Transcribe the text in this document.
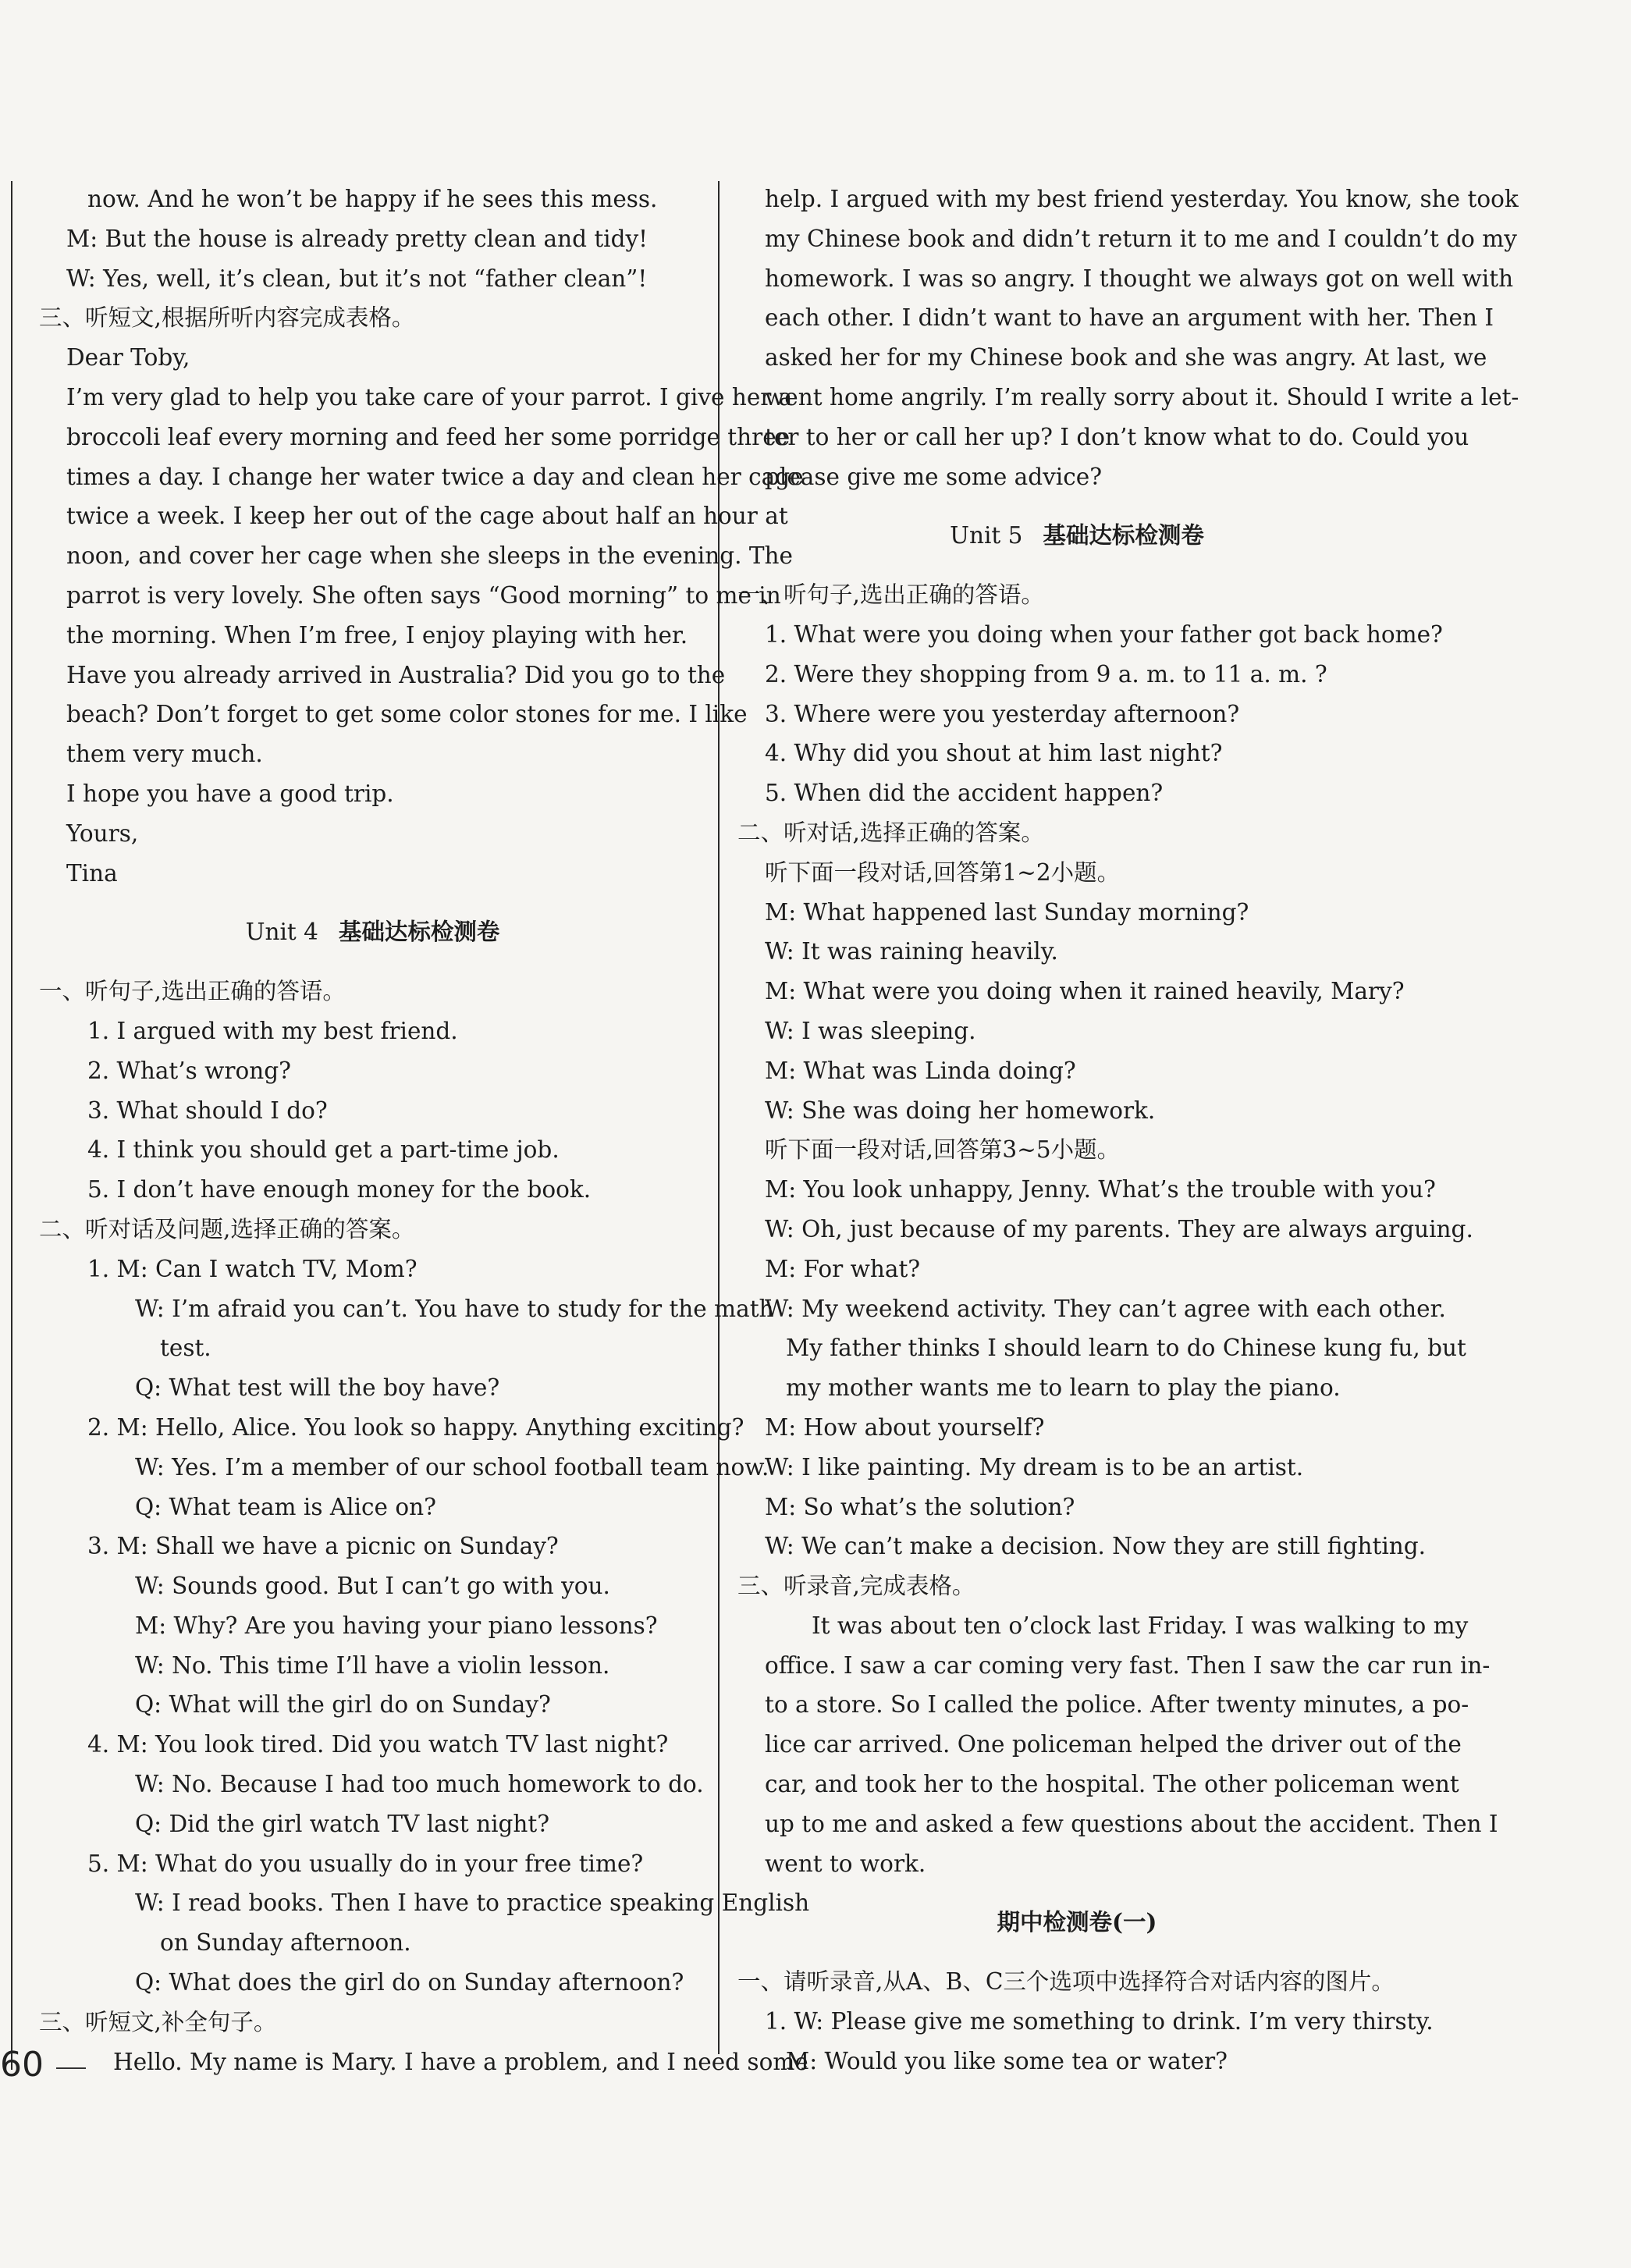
now. And he won’t be happy if he sees this mess.
M: But the house is already pretty clean and tidy!
W: Yes, well, it’s clean, but it’s not “father clean”!
三、听短文,根据所听内容完成表格。
Dear Toby,
I’m very glad to help you take care of your parrot. I give her a
broccoli leaf every morning and feed her some porridge three
times a day. I change her water twice a day and clean her cage
twice a week. I keep her out of the cage about half an hour at
noon, and cover her cage when she sleeps in the evening. The
parrot is very lovely. She often says “Good morning” to me in
the morning. When I’m free, I enjoy playing with her.
Have you already arrived in Australia? Did you go to the
beach? Don’t forget to get some color stones for me. I like
them very much.
I hope you have a good trip.
Yours,
Tina
Unit 4 基础达标检测卷
一、听句子,选出正确的答语。
1. I argued with my best friend.
2. What’s wrong?
3. What should I do?
4. I think you should get a part-time job.
5. I don’t have enough money for the book.
二、听对话及问题,选择正确的答案。
1. M: Can I watch TV, Mom?
W: I’m afraid you can’t. You have to study for the math
test.
Q: What test will the boy have?
2. M: Hello, Alice. You look so happy. Anything exciting?
W: Yes. I’m a member of our school football team now.
Q: What team is Alice on?
3. M: Shall we have a picnic on Sunday?
W: Sounds good. But I can’t go with you.
M: Why? Are you having your piano lessons?
W: No. This time I’ll have a violin lesson.
Q: What will the girl do on Sunday?
4. M: You look tired. Did you watch TV last night?
W: No. Because I had too much homework to do.
Q: Did the girl watch TV last night?
5. M: What do you usually do in your free time?
W: I read books. Then I have to practice speaking English
on Sunday afternoon.
Q: What does the girl do on Sunday afternoon?
三、听短文,补全句子。
Hello. My name is Mary. I have a problem, and I need some
help. I argued with my best friend yesterday. You know, she took
my Chinese book and didn’t return it to me and I couldn’t do my
homework. I was so angry. I thought we always got on well with
each other. I didn’t want to have an argument with her. Then I
asked her for my Chinese book and she was angry. At last, we
went home angrily. I’m really sorry about it. Should I write a let-
ter to her or call her up? I don’t know what to do. Could you
please give me some advice?
Unit 5 基础达标检测卷
一、听句子,选出正确的答语。
1. What were you doing when your father got back home?
2. Were they shopping from 9 a. m. to 11 a. m. ?
3. Where were you yesterday afternoon?
4. Why did you shout at him last night?
5. When did the accident happen?
二、听对话,选择正确的答案。
听下面一段对话,回答第1~2小题。
M: What happened last Sunday morning?
W: It was raining heavily.
M: What were you doing when it rained heavily, Mary?
W: I was sleeping.
M: What was Linda doing?
W: She was doing her homework.
听下面一段对话,回答第3~5小题。
M: You look unhappy, Jenny. What’s the trouble with you?
W: Oh, just because of my parents. They are always arguing.
M: For what?
W: My weekend activity. They can’t agree with each other.
My father thinks I should learn to do Chinese kung fu, but
my mother wants me to learn to play the piano.
M: How about yourself?
W: I like painting. My dream is to be an artist.
M: So what’s the solution?
W: We can’t make a decision. Now they are still fighting.
三、听录音,完成表格。
It was about ten o’clock last Friday. I was walking to my
office. I saw a car coming very fast. Then I saw the car run in-
to a store. So I called the police. After twenty minutes, a po-
lice car arrived. One policeman helped the driver out of the
car, and took her to the hospital. The other policeman went
up to me and asked a few questions about the accident. Then I
went to work.
期中检测卷(一)
一、请听录音,从A、B、C三个选项中选择符合对话内容的图片。
1. W: Please give me something to drink. I’m very thirsty.
M: Would you like some tea or water?
60
